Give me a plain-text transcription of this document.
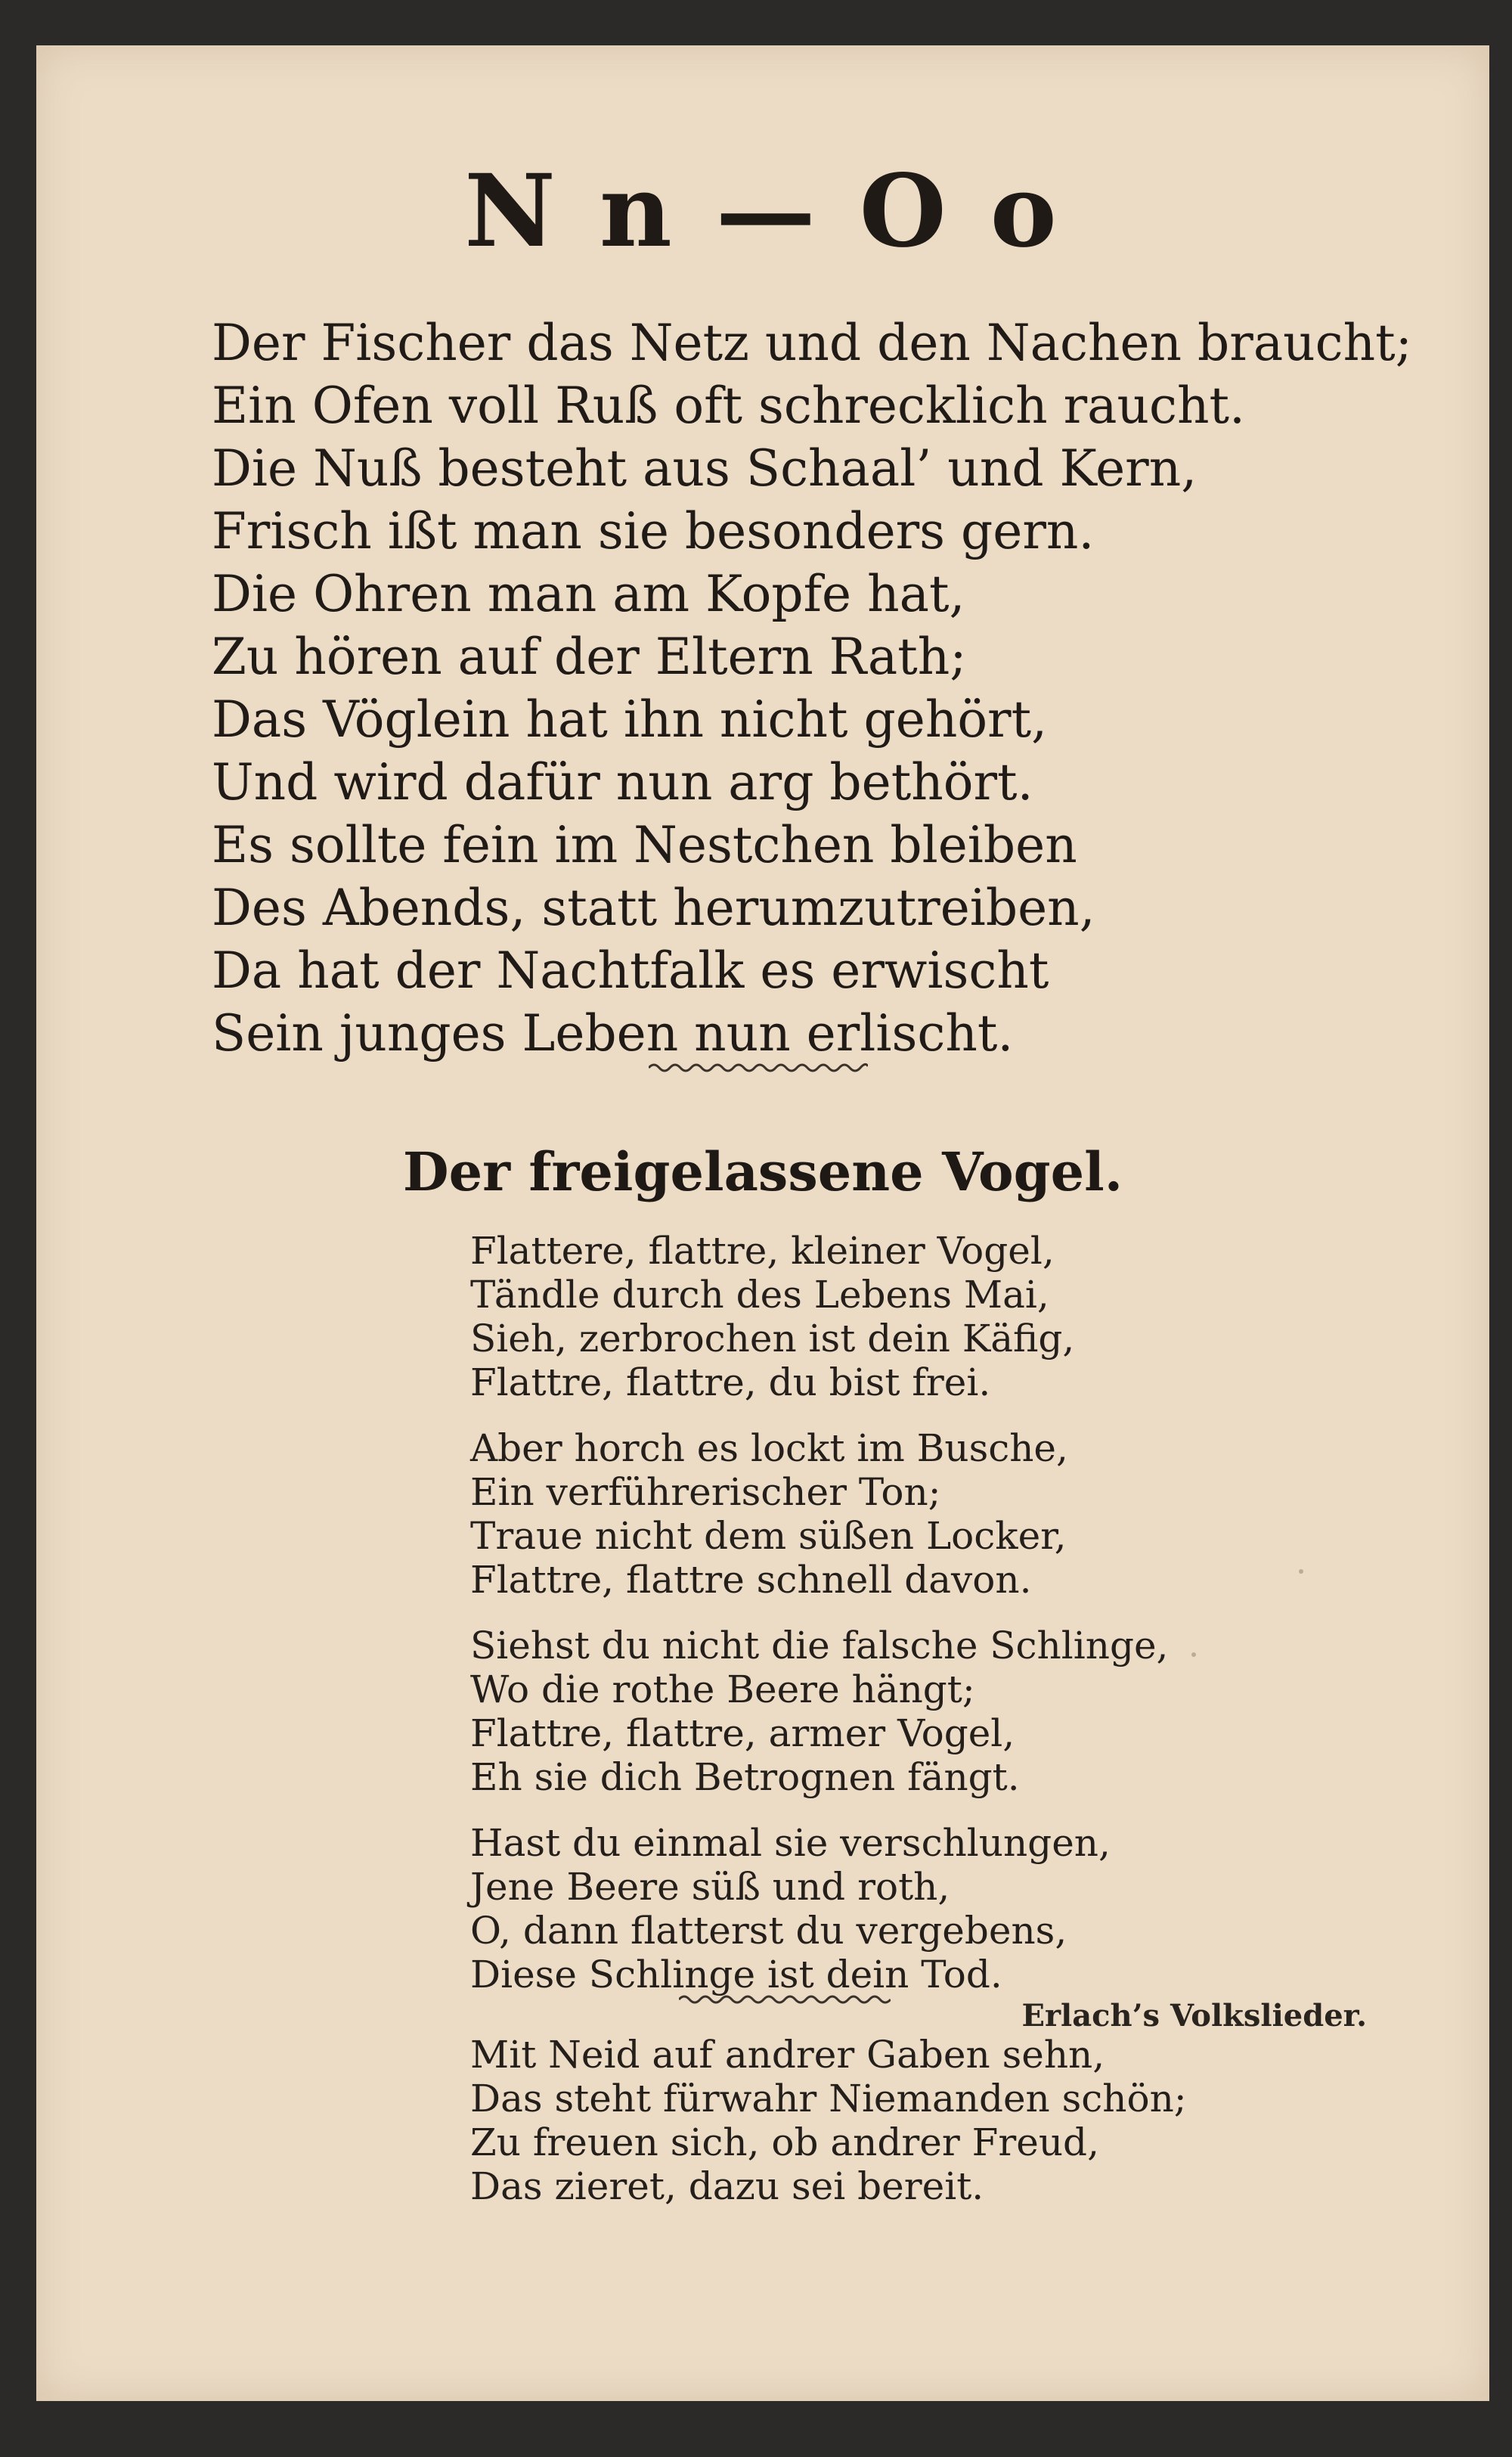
N n — O o
Der Fischer das Netz und den Nachen braucht;
Ein Ofen voll Ruß oft schrecklich raucht.
Die Nuß besteht aus Schaal’ und Kern,
Frisch ißt man sie besonders gern.
Die Ohren man am Kopfe hat,
Zu hören auf der Eltern Rath;
Das Vöglein hat ihn nicht gehört,
Und wird dafür nun arg bethört.
Es sollte fein im Nestchen bleiben
Des Abends, statt herumzutreiben,
Da hat der Nachtfalk es erwischt
Sein junges Leben nun erlischt.
Der freigelassene Vogel.
Flattere, flattre, kleiner Vogel,
Tändle durch des Lebens Mai,
Sieh, zerbrochen ist dein Käfig,
Flattre, flattre, du bist frei.
Aber horch es lockt im Busche,
Ein verführerischer Ton;
Traue nicht dem süßen Locker,
Flattre, flattre schnell davon.
Siehst du nicht die falsche Schlinge,
Wo die rothe Beere hängt;
Flattre, flattre, armer Vogel,
Eh sie dich Betrognen fängt.
Hast du einmal sie verschlungen,
Jene Beere süß und roth,
O, dann flatterst du vergebens,
Diese Schlinge ist dein Tod.
Erlach’s Volkslieder.
Mit Neid auf andrer Gaben sehn,
Das steht fürwahr Niemanden schön;
Zu freuen sich, ob andrer Freud,
Das zieret, dazu sei bereit.
